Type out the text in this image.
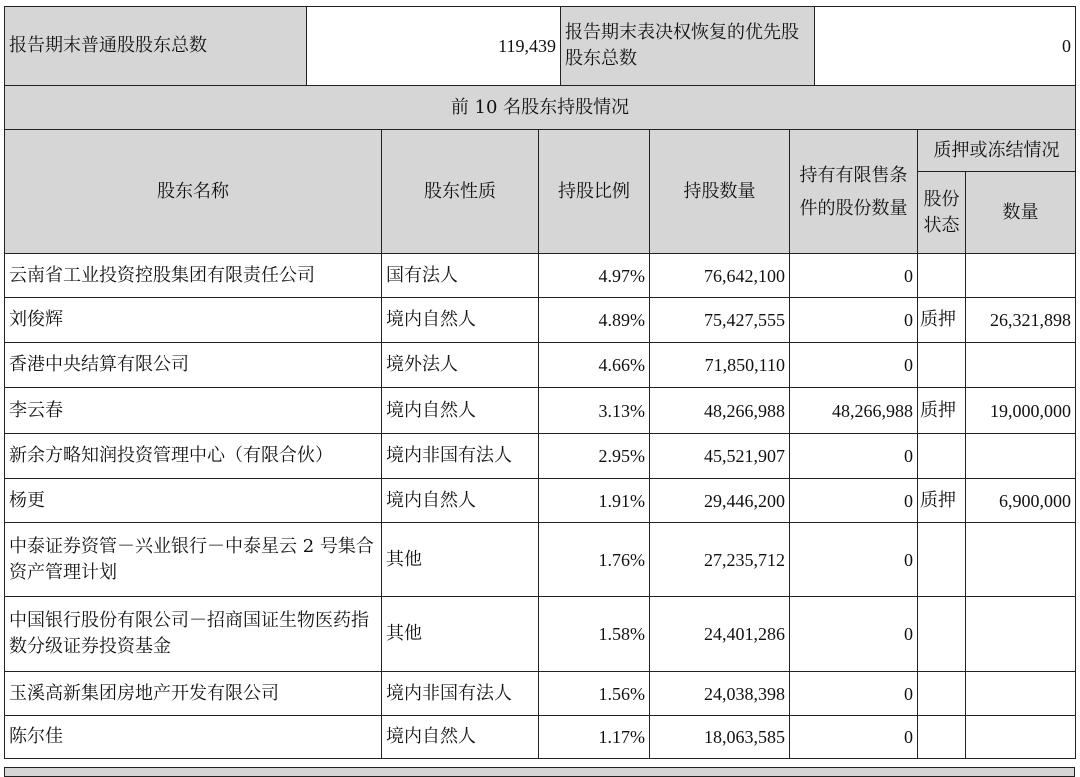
报告期末普通股股东总数	119,439	报告期末表决权恢复的优先股股东总数	0
前 10 名股东持股情况						
股东名称	股东性质	持股比例	持股数量	持有有限售条件的股份数量	质押或冻结情况	
					股份状态	数量
云南省工业投资控股集团有限责任公司	国有法人	4.97%	76,642,100	0		
刘俊辉	境内自然人	4.89%	75,427,555	0	质押	26,321,898
香港中央结算有限公司	境外法人	4.66%	71,850,110	0		
李云春	境内自然人	3.13%	48,266,988	48,266,988	质押	19,000,000
新余方略知润投资管理中心（有限合伙）	境内非国有法人	2.95%	45,521,907	0		
杨更	境内自然人	1.91%	29,446,200	0	质押	6,900,000
中泰证券资管－兴业银行－中泰星云 2 号集合资产管理计划	其他	1.76%	27,235,712	0		
中国银行股份有限公司－招商国证生物医药指数分级证券投资基金	其他	1.58%	24,401,286	0		
玉溪高新集团房地产开发有限公司	境内非国有法人	1.56%	24,038,398	0		
陈尔佳	境内自然人	1.17%	18,063,585	0		
